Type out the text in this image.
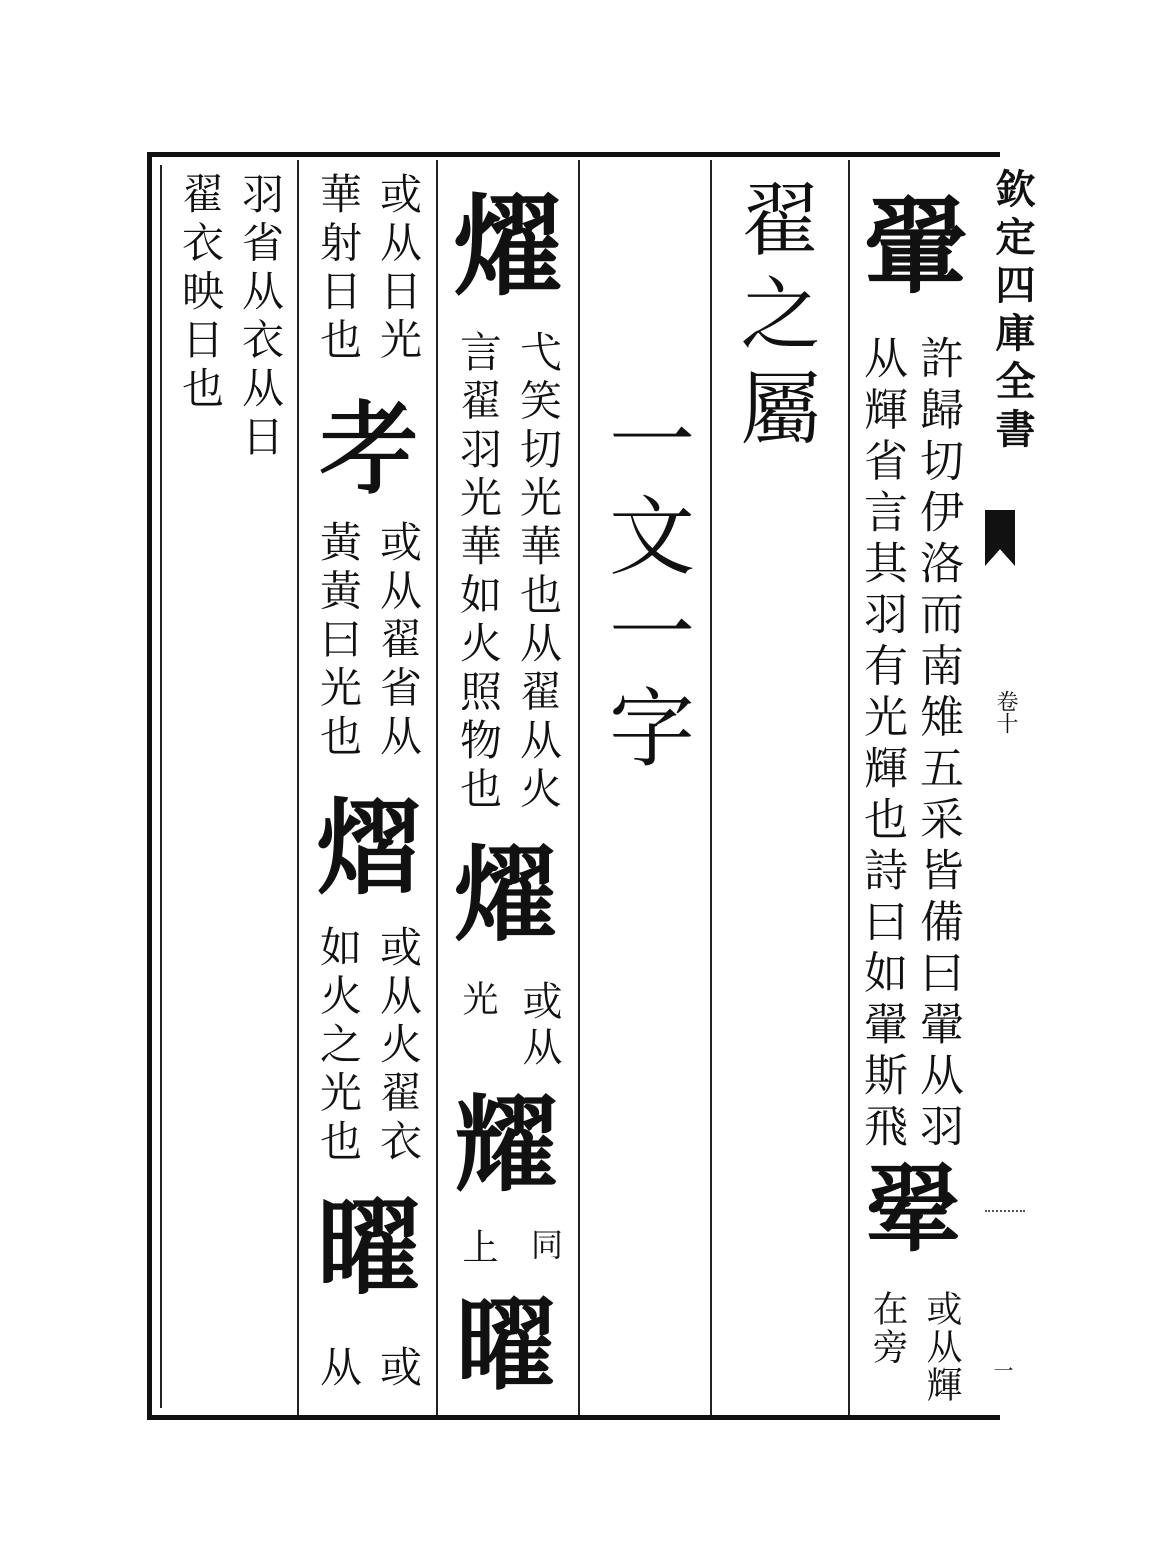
欽定四庫全書
卷十
一
翬
許歸切伊洛而南雉五采皆備曰翬从羽
从輝省言其羽有光輝也詩曰如翬斯飛
翚
或从輝
在旁
翟之屬
一文一字
燿
弋笑切光華也从翟从火
言翟羽光華如火照物也
燿
或从
光
耀
同
上
曜
或从日光
華射日也
𦒱
或从翟省从
黃黃曰光也
熠
或从火翟衣
如火之光也
曜
或
从
羽省从衣从日
翟衣映日也
